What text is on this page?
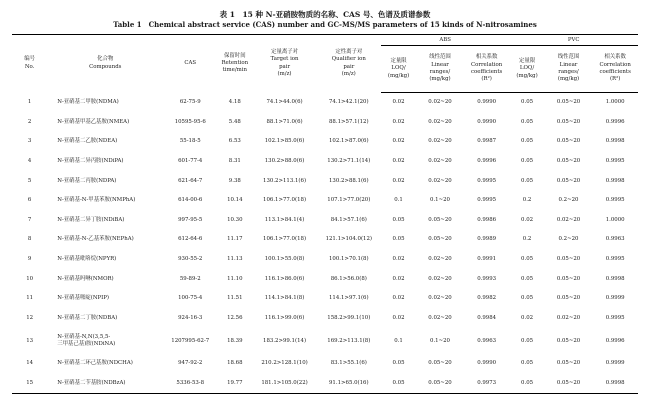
表 1　15 种 N-亚硝胺物质的名称、CAS 号、色谱及质谱参数
Table 1　Chemical abstract service (CAS) number and GC-MS/MS parameters of 15 kinds of N-nitrosamines
编号
No.	化合物
Compounds	CAS	保留时间
Retention
time/min	定量离子对
Target ion
pair
(m/z)	定性离子对
Qualifier ion
pair
(m/z)	ABS			PVC		

						定量限
LOQ/
(mg/kg)	线性范围
Linear
ranges/
(mg/kg)	相关系数
Correlation
coefficients
(R²)	定量限
LOQ/
(mg/kg)	线性范围
Linear
ranges/
(mg/kg)	相关系数
Correlation
coefficients
(R²)

1	N-亚硝基二甲胺(NDMA)	62-75-9	4.18	74.1>44.0(6)	74.1>42.1(20)	0.02	0.02~20	0.9990	0.05	0.05~20	1.0000
2	N-亚硝基甲基乙基胺(NMEA)	10595-95-6	5.48	88.1>71.0(6)	88.1>57.1(12)	0.02	0.02~20	0.9990	0.05	0.05~20	0.9996
3	N-亚硝基二乙胺(NDEA)	55-18-5	6.53	102.1>85.0(6)	102.1>87.0(6)	0.02	0.02~20	0.9987	0.05	0.05~20	0.9998
4	N-亚硝基二异丙胺(NDiPA)	601-77-4	8.31	130.2>88.0(6)	130.2>71.1(14)	0.02	0.02~20	0.9996	0.05	0.05~20	0.9995
5	N-亚硝基二丙胺(NDPA)	621-64-7	9.38	130.2>113.1(6)	130.2>88.1(6)	0.02	0.02~20	0.9995	0.05	0.05~20	0.9998
6	N-亚硝基-N-甲基苯胺(NMPhA)	614-00-6	10.14	106.1>77.0(18)	107.1>77.0(20)	0.1	0.1~20	0.9995	0.2	0.2~20	0.9995
7	N-亚硝基二异丁胺(NDiBA)	997-95-5	10.30	113.1>84.1(4)	84.1>57.1(6)	0.05	0.05~20	0.9986	0.02	0.02~20	1.0000
8	N-亚硝基-N-乙基苯胺(NEPhA)	612-64-6	11.17	106.1>77.0(18)	121.1>104.0(12)	0.05	0.05~20	0.9989	0.2	0.2~20	0.9963
9	N-亚硝基吡咯烷(NPYR)	930-55-2	11.13	100.1>55.0(8)	100.1>70.1(8)	0.02	0.02~20	0.9991	0.05	0.05~20	0.9995
10	N-亚硝基吗啉(NMOR)	59-89-2	11.10	116.1>86.0(6)	86.1>56.0(8)	0.02	0.02~20	0.9993	0.05	0.05~20	0.9998
11	N-亚硝基哌啶(NPIP)	100-75-4	11.51	114.1>84.1(8)	114.1>97.1(6)	0.02	0.02~20	0.9982	0.05	0.05~20	0.9999
12	N-亚硝基二丁胺(NDBA)	924-16-3	12.56	116.1>99.0(6)	158.2>99.1(10)	0.02	0.02~20	0.9984	0.02	0.02~20	0.9995
13	N-亚硝基-N,N(3,5,5-
三甲基己基)胺(NDiNA)	1207995-62-7	18.39	183.2>99.1(14)	169.2>113.1(8)	0.1	0.1~20	0.9963	0.05	0.05~20	0.9996
14	N-亚硝基二环己基胺(NDCHA)	947-92-2	18.68	210.2>128.1(10)	83.1>55.1(6)	0.05	0.05~20	0.9990	0.05	0.05~20	0.9999
15	N-亚硝基二苄基胺(NDBzA)	5336-53-8	19.77	181.1>105.0(22)	91.1>65.0(16)	0.05	0.05~20	0.9973	0.05	0.05~20	0.9998
